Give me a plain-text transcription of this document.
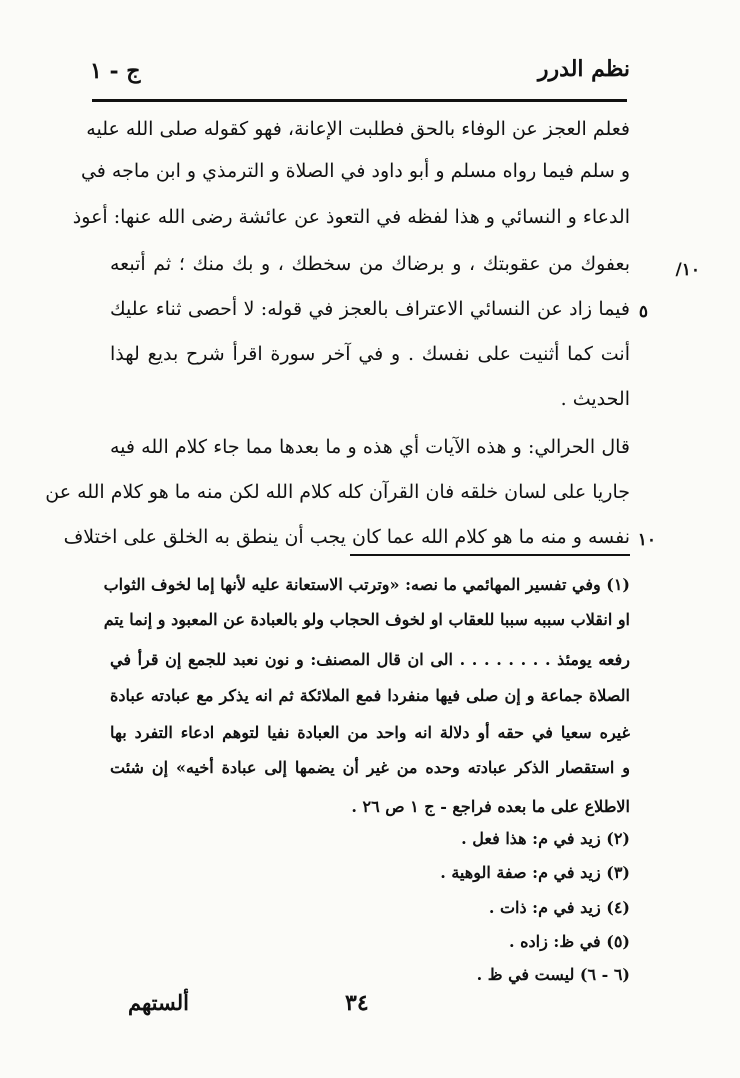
نظم الدرر
ج - ١
فعلم العجز عن الوفاء بالحق فطلبت الإعانة، فهو كقوله صلى الله عليه
و سلم فيما رواه مسلم و أبو داود في الصلاة و الترمذي و ابن ماجه في
الدعاء و النسائي و هذا لفظه في التعوذ عن عائشة رضى الله عنها: أعوذ
بعفوك من عقوبتك ، و برضاك من سخطك ، و بك منك ؛ ثم أتبعه
فيما زاد عن النسائي الاعتراف بالعجز في قوله: لا أحصى ثناء عليك
أنت كما أثنيت على نفسك . و في آخر سورة اقرأ شرح بديع لهذا
الحديث .
قال الحرالي: و هذه الآيات أي هذه و ما بعدها مما جاء كلام الله فيه
جاريا على لسان خلقه فان القرآن كله كلام الله لكن منه ما هو كلام الله عن
نفسه و منه ما هو كلام الله عما كان يجب أن ينطق به الخلق على اختلاف
١٠/
٥
١٠
(١) وفي تفسير المهائمي ما نصه: «وترتب الاستعانة عليه لأنها إما لخوف الثواب
او انقلاب سببه سببا للعقاب او لخوف الحجاب ولو بالعبادة عن المعبود و إنما يتم
رفعه يومئذ . . . . . . . . الى ان قال المصنف: و نون نعبد للجمع إن قرأ في
الصلاة جماعة و إن صلى فيها منفردا فمع الملائكة ثم انه يذكر مع عبادته عبادة
غيره سعيا في حقه أو دلالة انه واحد من العبادة نفيا لتوهم ادعاء التفرد بها
و استقصار الذكر عبادته وحده من غير أن يضمها إلى عبادة أخيه» إن شئت
الاطلاع على ما بعده فراجع - ج ١ ص ٢٦ .
(٢) زيد في م: هذا فعل .
(٣) زيد في م: صفة الوهية .
(٤) زيد في م: ذات .
(٥) في ظ: زاده .
(٦ - ٦) ليست في ظ .
٣٤
ألستهم
